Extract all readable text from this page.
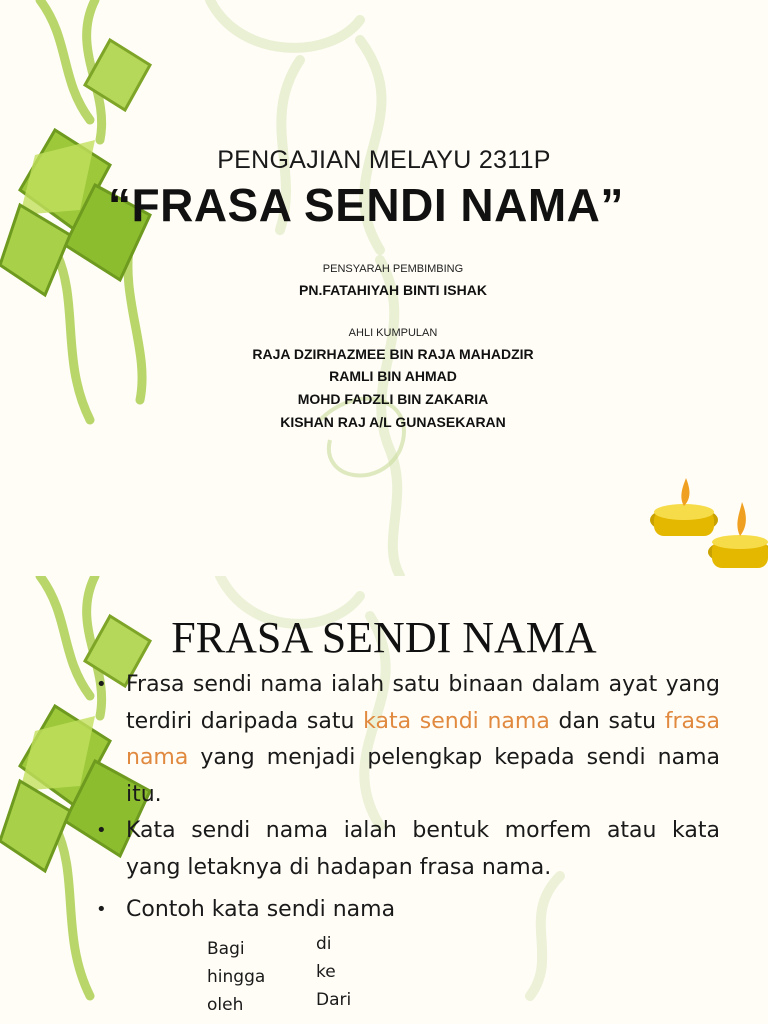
PENGAJIAN MELAYU 2311P
“FRASA SENDI NAMA”
PENSYARAH PEMBIMBING
PN.FATAHIYAH BINTI ISHAK
AHLI KUMPULAN
RAJA DZIRHAZMEE BIN RAJA MAHADZIR
RAMLI BIN AHMAD
MOHD FADZLI BIN ZAKARIA
KISHAN RAJ A/L GUNASEKARAN
FRASA SENDI NAMA
• Frasa sendi nama ialah satu binaan dalam ayat yang terdiri daripada satu kata sendi nama dan satu frasa nama yang menjadi pelengkap kepada sendi nama itu.
• Kata sendi nama ialah bentuk morfem atau kata yang letaknya di hadapan frasa nama.
• Contoh kata sendi nama
Bagi
hingga
oleh
di
ke
Dari
